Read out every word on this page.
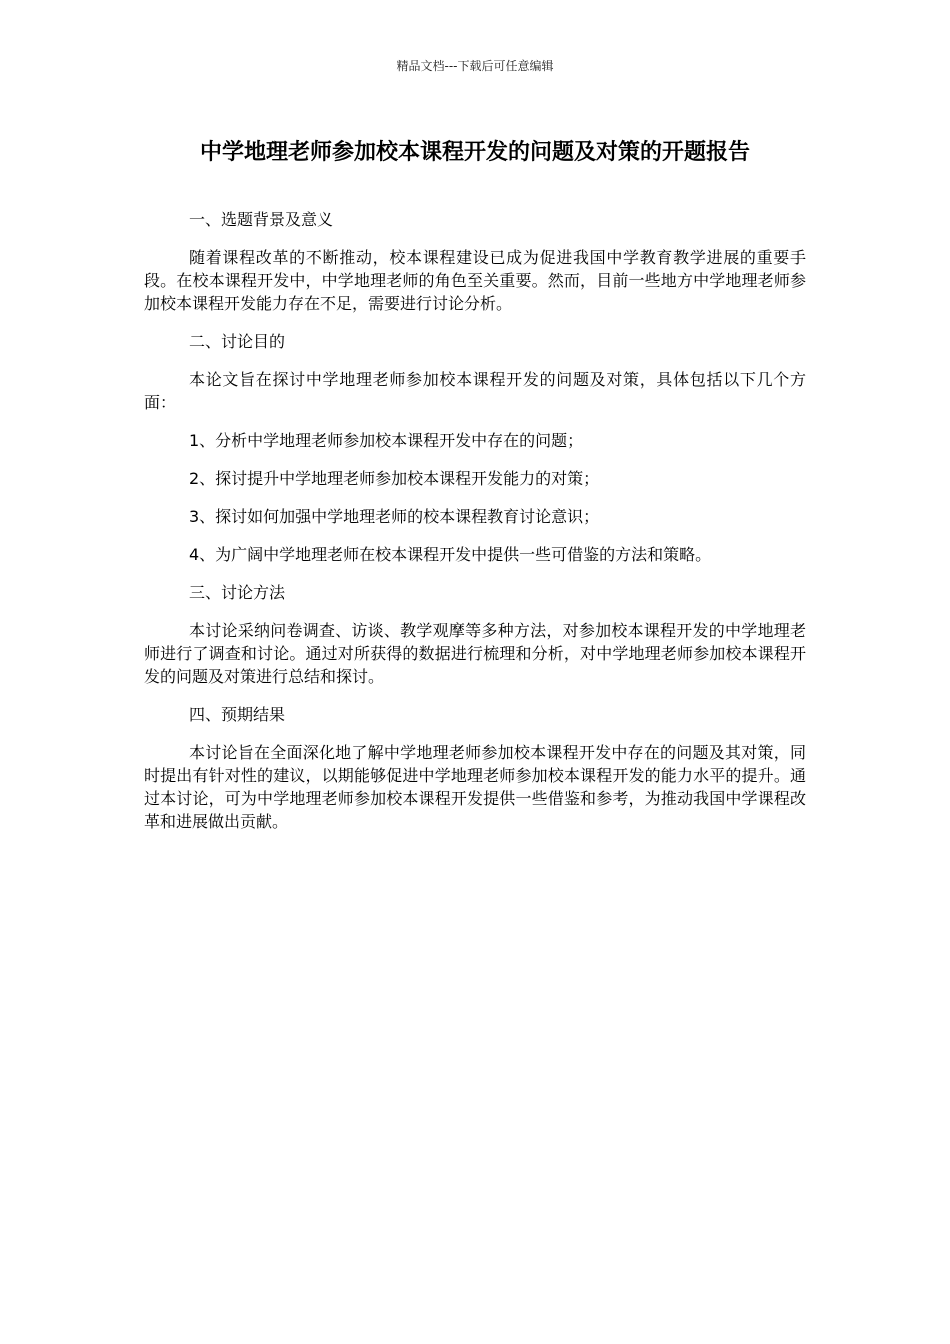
精品文档---下载后可任意编辑
中学地理老师参加校本课程开发的问题及对策的开题报告

一、选题背景及意义

随着课程改革的不断推动，校本课程建设已成为促进我国中学教育教学进展的重要手段。在校本课程开发中，中学地理老师的角色至关重要。然而，目前一些地方中学地理老师参加校本课程开发能力存在不足，需要进行讨论分析。

二、讨论目的

本论文旨在探讨中学地理老师参加校本课程开发的问题及对策，具体包括以下几个方面：

1、分析中学地理老师参加校本课程开发中存在的问题；

2、探讨提升中学地理老师参加校本课程开发能力的对策；

3、探讨如何加强中学地理老师的校本课程教育讨论意识；

4、为广阔中学地理老师在校本课程开发中提供一些可借鉴的方法和策略。

三、讨论方法

本讨论采纳问卷调查、访谈、教学观摩等多种方法，对参加校本课程开发的中学地理老师进行了调查和讨论。通过对所获得的数据进行梳理和分析，对中学地理老师参加校本课程开发的问题及对策进行总结和探讨。

四、预期结果

本讨论旨在全面深化地了解中学地理老师参加校本课程开发中存在的问题及其对策，同时提出有针对性的建议，以期能够促进中学地理老师参加校本课程开发的能力水平的提升。通过本讨论，可为中学地理老师参加校本课程开发提供一些借鉴和参考，为推动我国中学课程改革和进展做出贡献。
